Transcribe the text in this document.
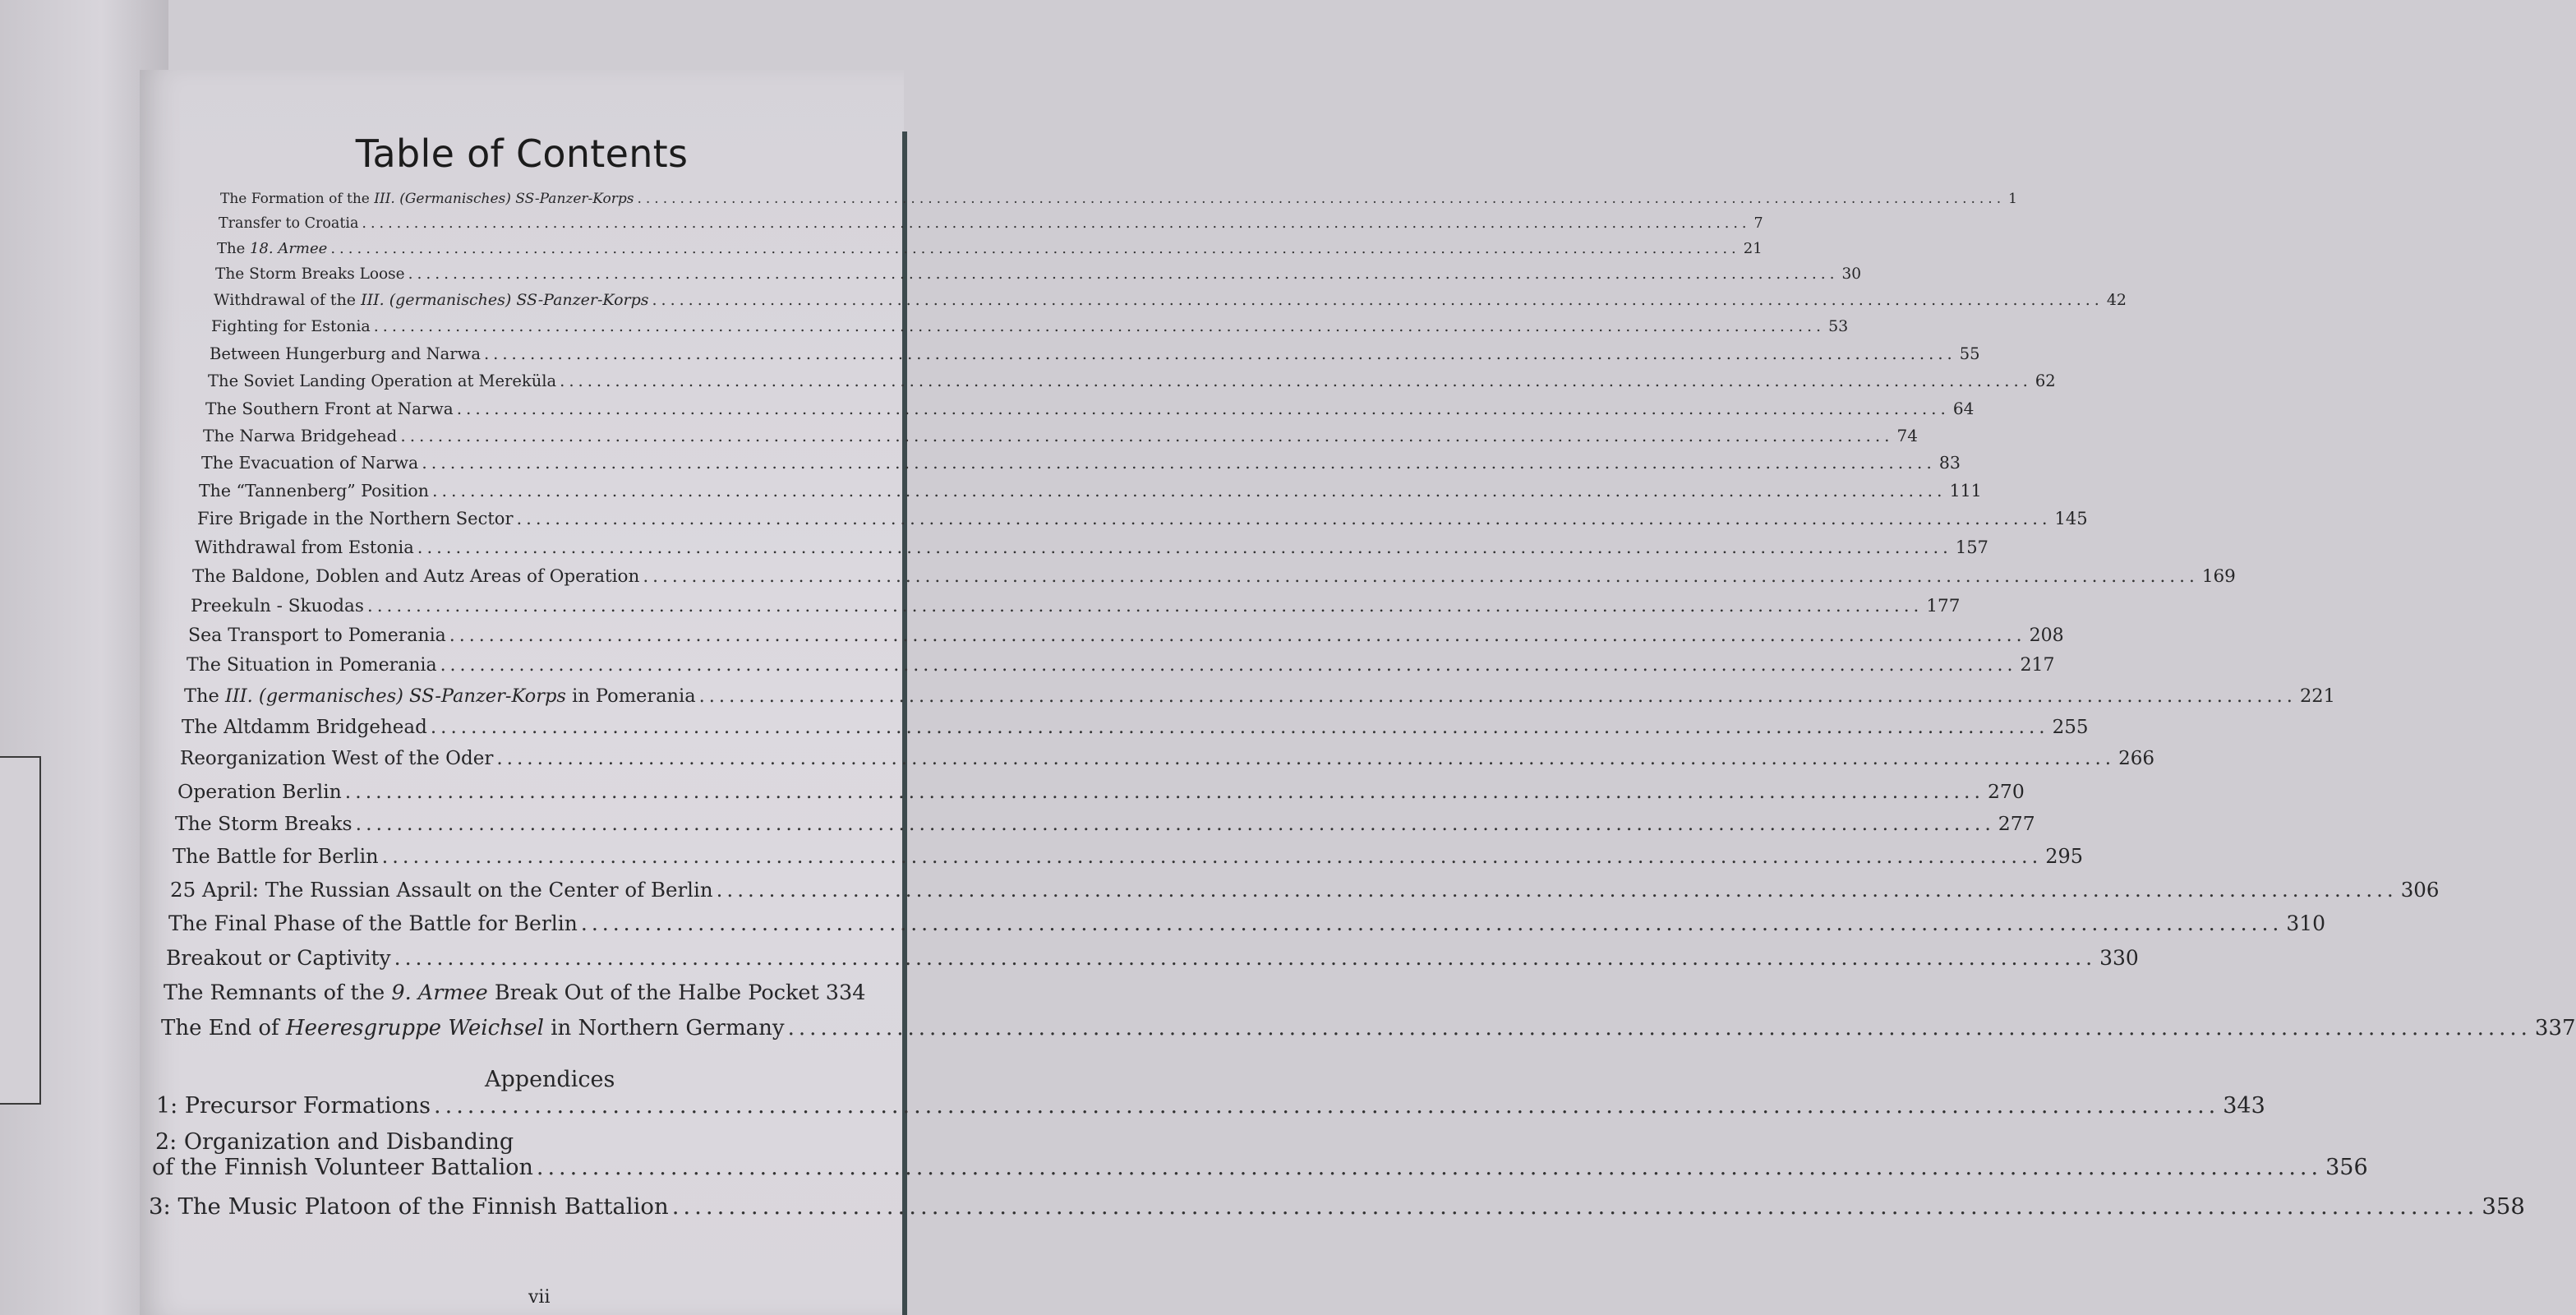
Table of Contents
The Formation of the III. (Germanisches) SS-Panzer-Korps ................................................................................................................................................................ 1
Transfer to Croatia ................................................................................................................................................................ 7
The 18. Armee ................................................................................................................................................................ 21
The Storm Breaks Loose ................................................................................................................................................................ 30
Withdrawal of the III. (germanisches) SS-Panzer-Korps ................................................................................................................................................................ 42
Fighting for Estonia ................................................................................................................................................................ 53
Between Hungerburg and Narwa ................................................................................................................................................................ 55
The Soviet Landing Operation at Mereküla ................................................................................................................................................................ 62
The Southern Front at Narwa ................................................................................................................................................................ 64
The Narwa Bridgehead ................................................................................................................................................................ 74
The Evacuation of Narwa ................................................................................................................................................................ 83
The “Tannenberg” Position ................................................................................................................................................................ 111
Fire Brigade in the Northern Sector ................................................................................................................................................................ 145
Withdrawal from Estonia ................................................................................................................................................................ 157
The Baldone, Doblen and Autz Areas of Operation ................................................................................................................................................................ 169
Preekuln - Skuodas ................................................................................................................................................................ 177
Sea Transport to Pomerania ................................................................................................................................................................ 208
The Situation in Pomerania ................................................................................................................................................................ 217
The III. (germanisches) SS-Panzer-Korps in Pomerania ................................................................................................................................................................ 221
The Altdamm Bridgehead ................................................................................................................................................................ 255
Reorganization West of the Oder ................................................................................................................................................................ 266
Operation Berlin ................................................................................................................................................................ 270
The Storm Breaks ................................................................................................................................................................ 277
The Battle for Berlin ................................................................................................................................................................ 295
25 April: The Russian Assault on the Center of Berlin ................................................................................................................................................................ 306
The Final Phase of the Battle for Berlin ................................................................................................................................................................ 310
Breakout or Captivity ................................................................................................................................................................ 330
The Remnants of the 9. Armee Break Out of the Halbe Pocket 334
The End of Heeresgruppe Weichsel in Northern Germany ................................................................................................................................................................ 337
1: Precursor Formations ................................................................................................................................................................ 343
2: Organization and Disbanding
of the Finnish Volunteer Battalion ................................................................................................................................................................ 356
3: The Music Platoon of the Finnish Battalion ................................................................................................................................................................ 358
Appendices
vii
